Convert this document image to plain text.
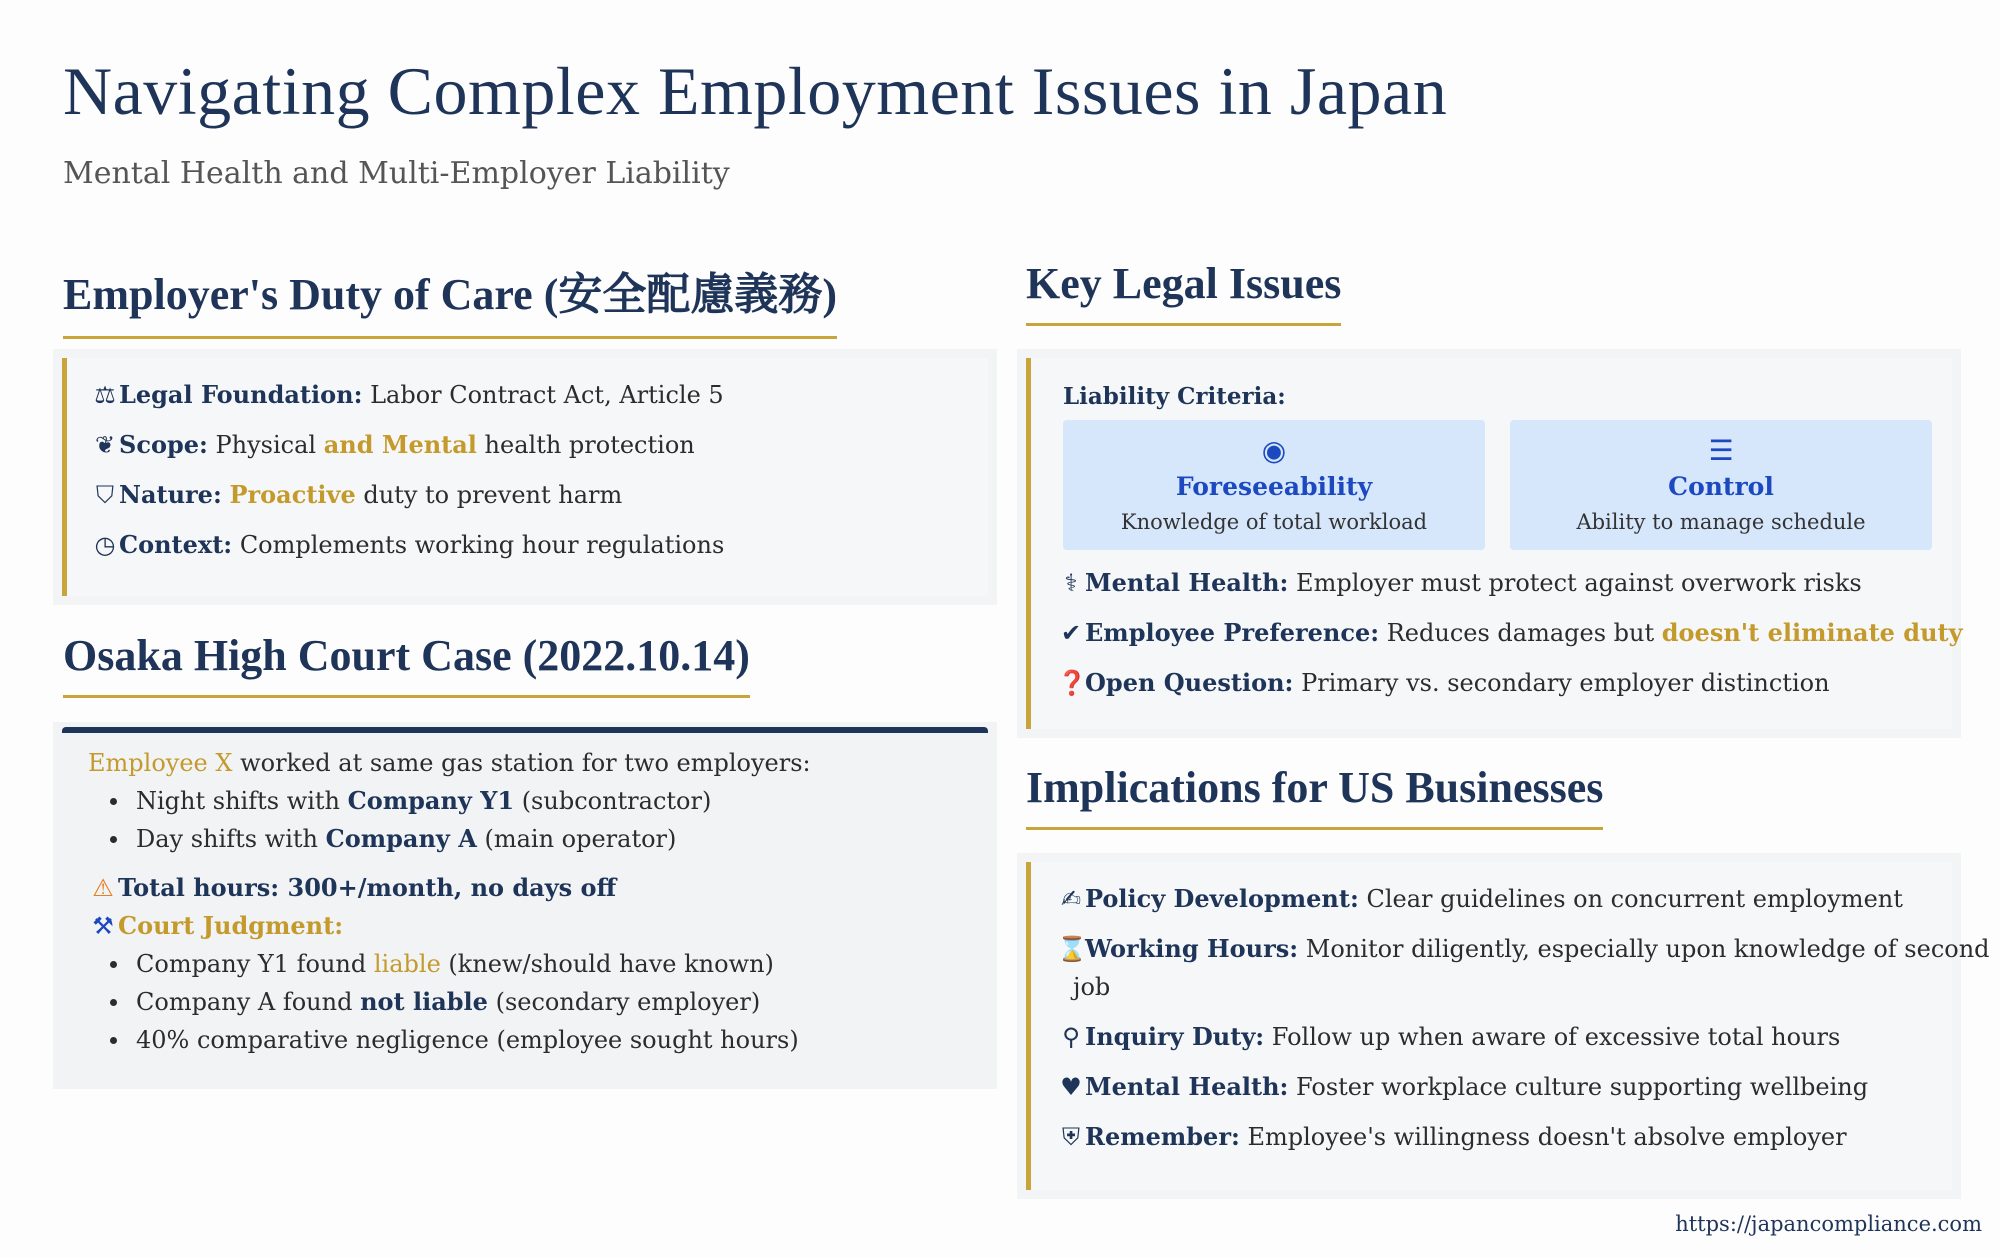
Navigating Complex Employment Issues in Japan
Mental Health and Multi-Employer Liability
Employer's Duty of Care (安全配慮義務)
⚖ Legal Foundation: Labor Contract Act, Article 5
❦ Scope: Physical and Mental health protection
⛉ Nature: Proactive duty to prevent harm
◷ Context: Complements working hour regulations
Osaka High Court Case (2022.10.14)
Employee X worked at same gas station for two employers:
Night shifts with Company Y1 (subcontractor)
Day shifts with Company A (main operator)
⚠ Total hours: 300+/month, no days off
⚒ Court Judgment:
Company Y1 found liable (knew/should have known)
Company A found not liable (secondary employer)
40% comparative negligence (employee sought hours)
Key Legal Issues
Liability Criteria:
◉
Foreseeability
Knowledge of total workload
☰
Control
Ability to manage schedule
⚕ Mental Health: Employer must protect against overwork risks
✔ Employee Preference: Reduces damages but doesn't eliminate duty
❓Open Question: Primary vs. secondary employer distinction
Implications for US Businesses
✍ Policy Development: Clear guidelines on concurrent employment
⌛Working Hours: Monitor diligently, especially upon knowledge of second
job
⚲ Inquiry Duty: Follow up when aware of excessive total hours
♥ Mental Health: Foster workplace culture supporting wellbeing
⛨ Remember: Employee's willingness doesn't absolve employer
https://japancompliance.com
